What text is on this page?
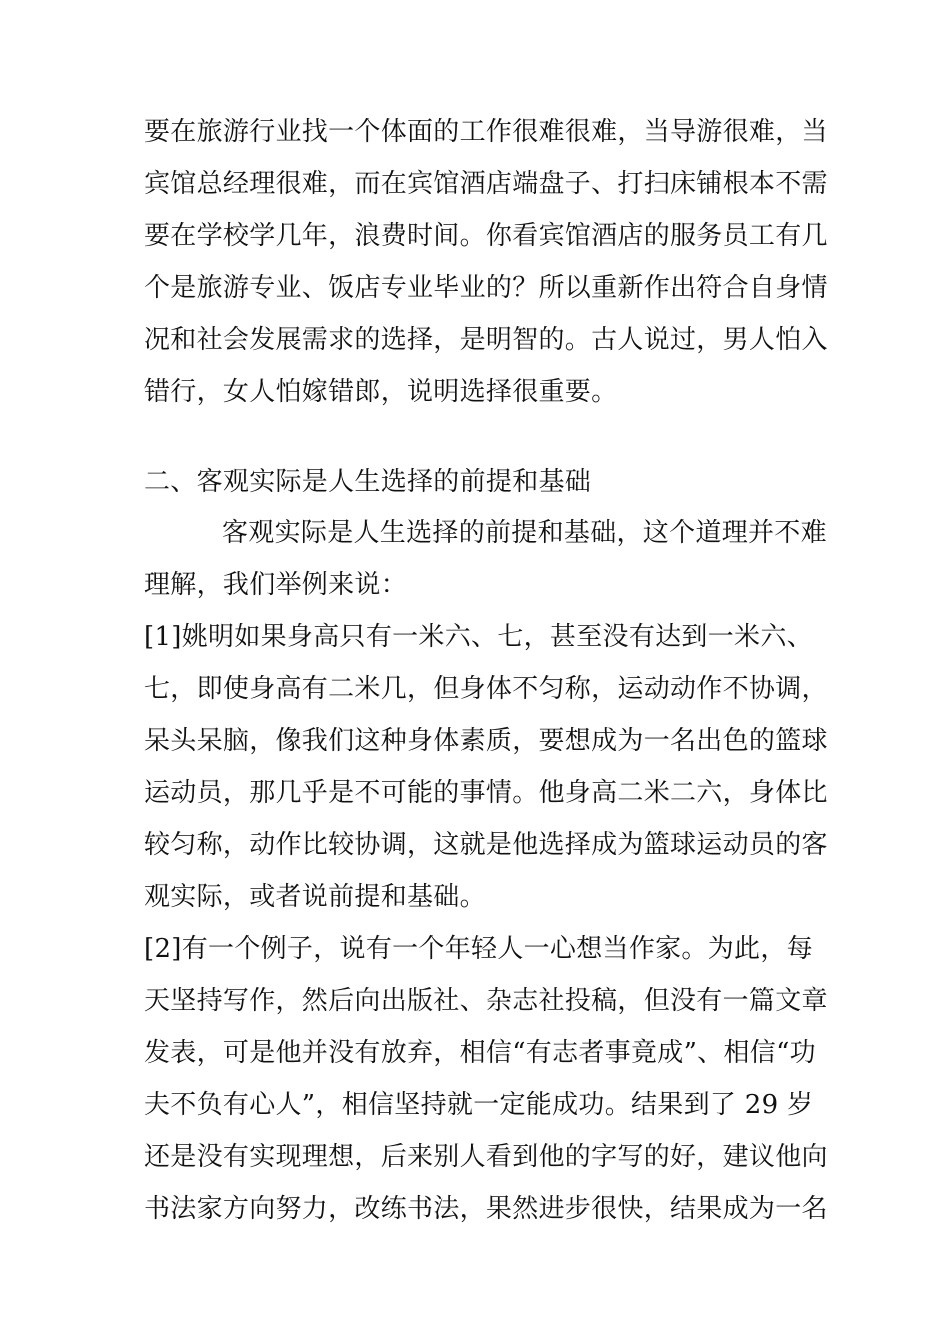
要在旅游行业找一个体面的工作很难很难，当导游很难，当
宾馆总经理很难，而在宾馆酒店端盘子、打扫床铺根本不需
要在学校学几年，浪费时间。你看宾馆酒店的服务员工有几
个是旅游专业、饭店专业毕业的？所以重新作出符合自身情
况和社会发展需求的选择，是明智的。古人说过，男人怕入
错行，女人怕嫁错郎，说明选择很重要。
二、客观实际是人生选择的前提和基础
客观实际是人生选择的前提和基础，这个道理并不难
理解，我们举例来说：
[1]姚明如果身高只有一米六、七，甚至没有达到一米六、
七，即使身高有二米几，但身体不匀称，运动动作不协调，
呆头呆脑，像我们这种身体素质，要想成为一名出色的篮球
运动员，那几乎是不可能的事情。他身高二米二六，身体比
较匀称，动作比较协调，这就是他选择成为篮球运动员的客
观实际，或者说前提和基础。
[2]有一个例子，说有一个年轻人一心想当作家。为此，每
天坚持写作，然后向出版社、杂志社投稿，但没有一篇文章
发表，可是他并没有放弃，相信“有志者事竟成”、相信“功
夫不负有心人”，相信坚持就一定能成功。结果到了 29 岁
还是没有实现理想，后来别人看到他的字写的好，建议他向
书法家方向努力，改练书法，果然进步很快，结果成为一名
